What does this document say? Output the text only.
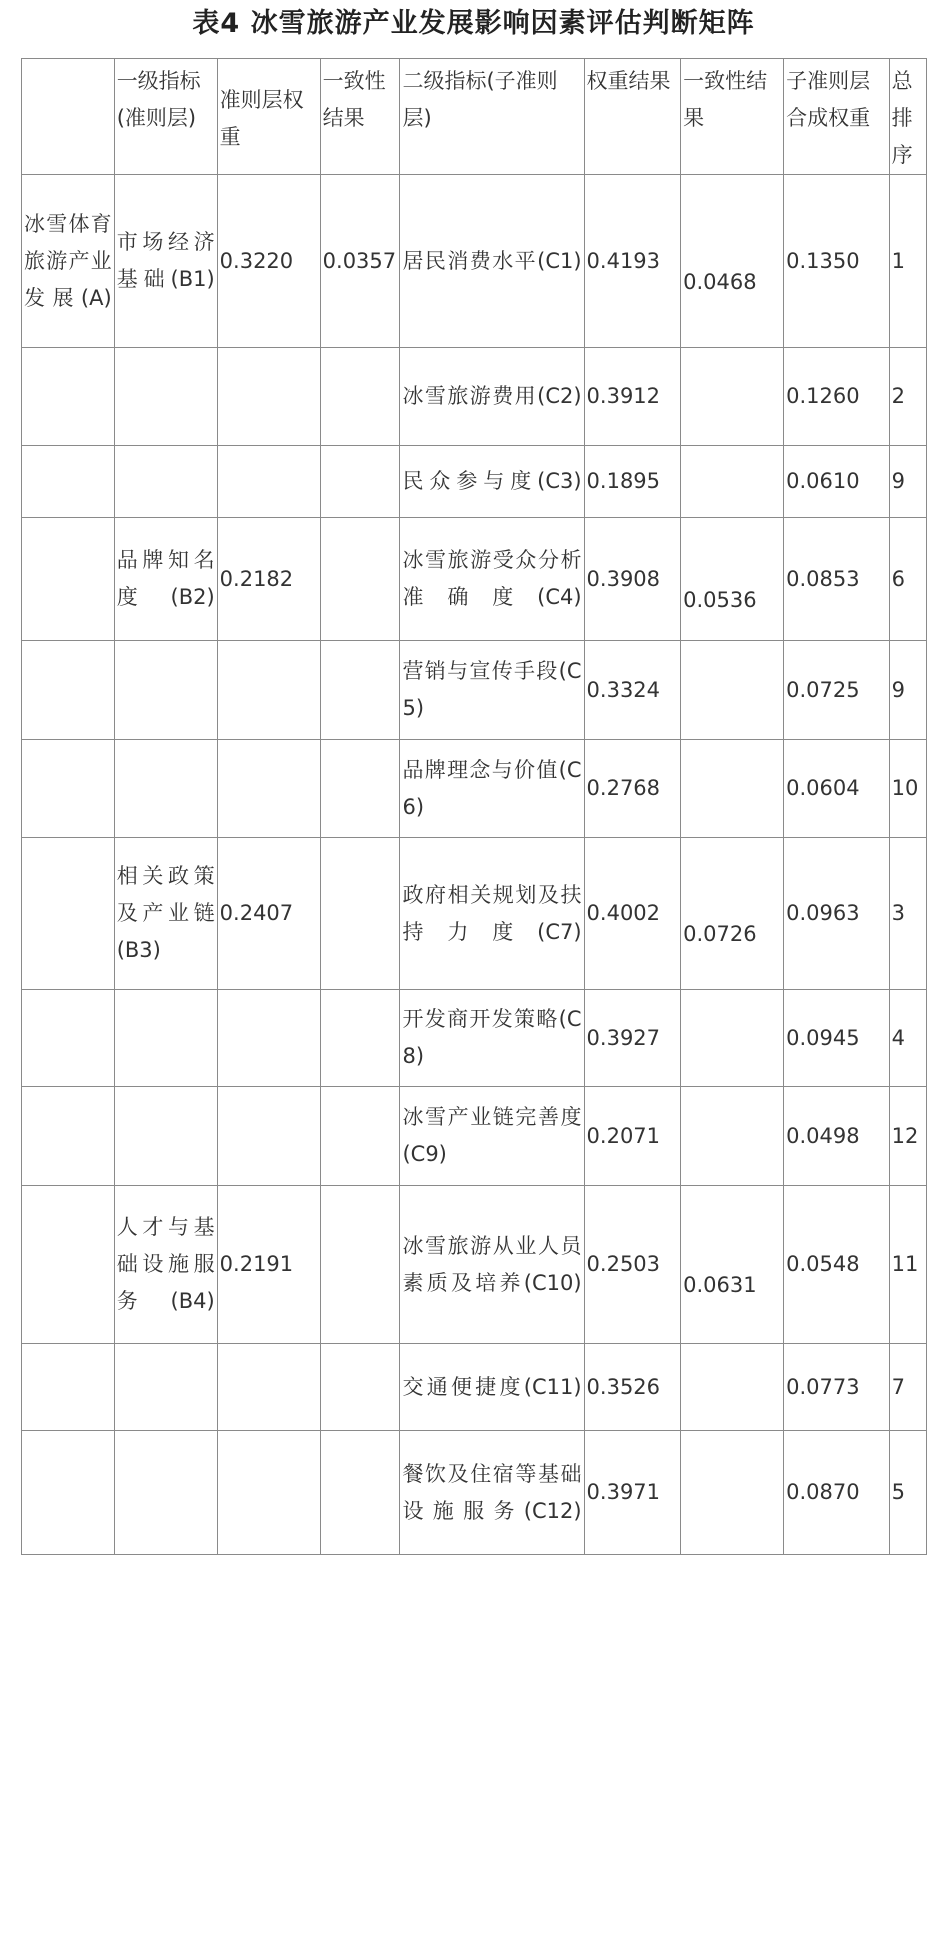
表4 冰雪旅游产业发展影响因素评估判断矩阵
	一级指标(准则层)	准则层权重	一致性结果	二级指标(子准则层)	权重结果	一致性结果	子准则层合成权重	总排序
冰雪体育旅游产业发展(A)	市场经济基础(B1)	0.3220	0.0357	居民消费水平(C1)	0.4193	0.0468	0.1350	1
				冰雪旅游费用(C2)	0.3912		0.1260	2
				民众参与度(C3)	0.1895		0.0610	9
	品牌知名度(B2)	0.2182		冰雪旅游受众分析准确度(C4)	0.3908	0.0536	0.0853	6
				营销与宣传手段(C5)	0.3324		0.0725	9
				品牌理念与价值(C6)	0.2768		0.0604	10
	相关政策及产业链(B3)	0.2407		政府相关规划及扶持力度(C7)	0.4002	0.0726	0.0963	3
				开发商开发策略(C8)	0.3927		0.0945	4
				冰雪产业链完善度(C9)	0.2071		0.0498	12
	人才与基础设施服务(B4)	0.2191		冰雪旅游从业人员素质及培养(C10)	0.2503	0.0631	0.0548	11
				交通便捷度(C11)	0.3526		0.0773	7
				餐饮及住宿等基础设施服务(C12)	0.3971		0.0870	5
